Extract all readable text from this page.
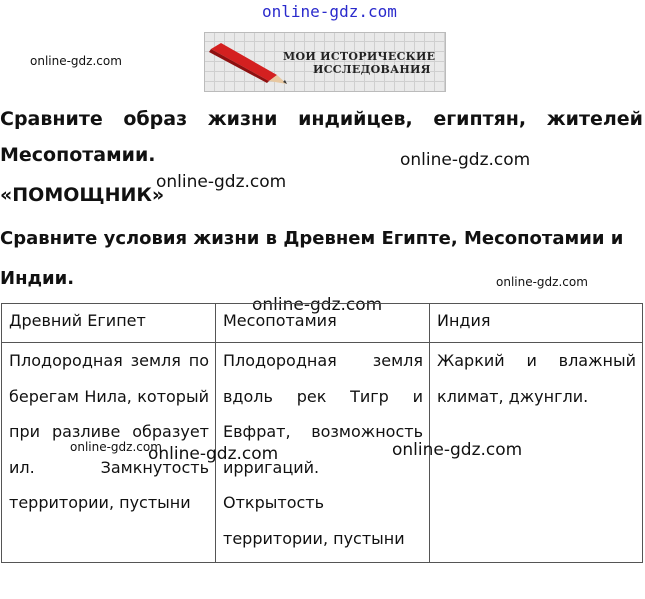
online-gdz.com
online-gdz.com	МОИ ИСТОРИЧЕСКИЕ
ИССЛЕДОВАНИЯ
Сравните образ жизни индийцев, египтян, жителей
Месопотамии.	online-gdz.com
«ПОМОЩНИК»
online-gdz.com
Сравните условия жизни в Древнем Египте, Месопотамии и
Индии.	online-gdz.com
online-gdz.com
Древний Египет	Месопотамия	Индия
Плодородная земля по берегам Нила, который при разливе образует ил. Замкнутость территории, пустыни	Плодородная земля вдоль рек Тигр и Евфрат, возможность ирригаций. Открытость территории, пустыни	Жаркий и влажный климат, джунгли.
online-gdz.com
online-gdz.com	online-gdz.com
